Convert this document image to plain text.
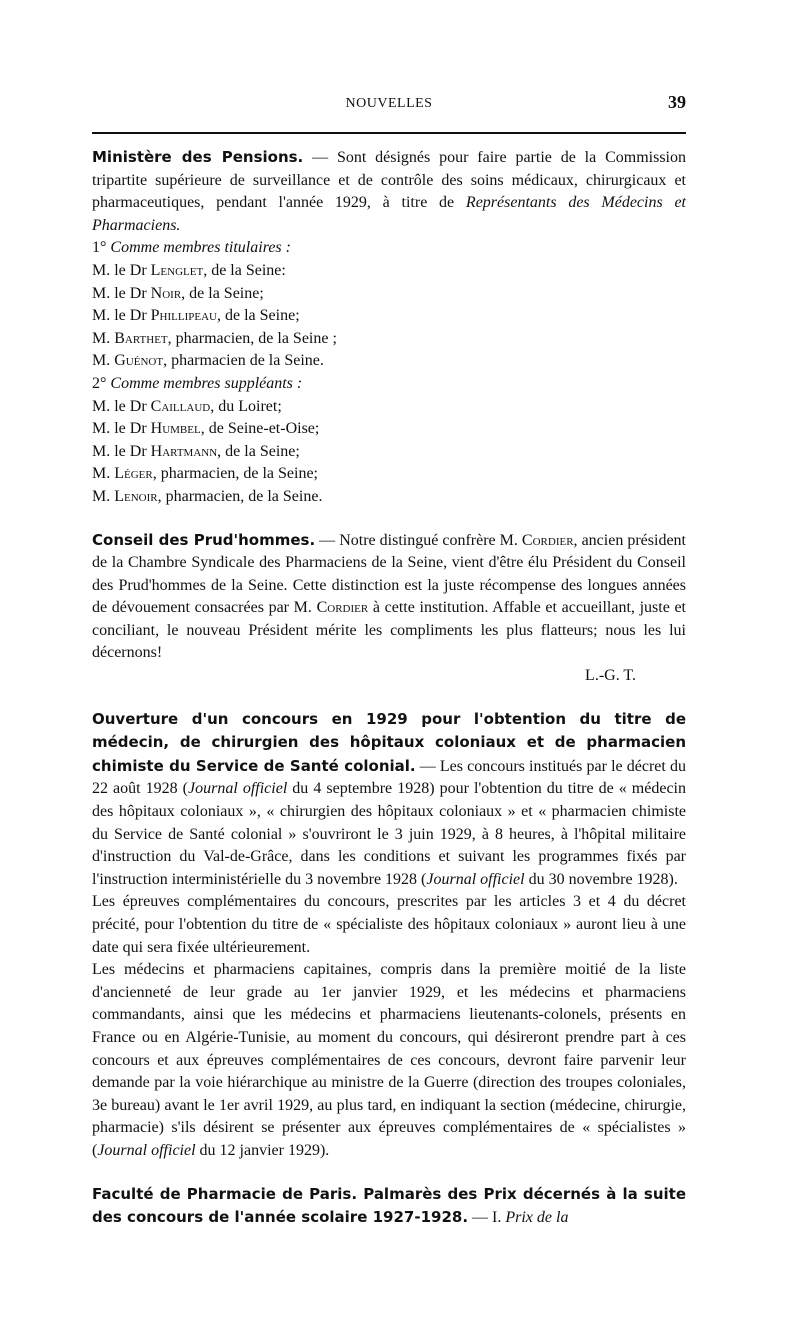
NOUVELLES	39

Ministère des Pensions. — Sont désignés pour faire partie de la Commission tripartite supérieure de surveillance et de contrôle des soins médicaux, chirurgicaux et pharmaceutiques, pendant l'année 1929, à titre de Représentants des Médecins et Pharmaciens.

1° Comme membres titulaires :

M. le Dr Lenglet, de la Seine:

M. le Dr Noir, de la Seine;

M. le Dr Phillipeau, de la Seine;

M. Barthet, pharmacien, de la Seine ;

M. Guénot, pharmacien de la Seine.

2° Comme membres suppléants :

M. le Dr Caillaud, du Loiret;

M. le Dr Humbel, de Seine-et-Oise;

M. le Dr Hartmann, de la Seine;

M. Léger, pharmacien, de la Seine;

M. Lenoir, pharmacien, de la Seine.

Conseil des Prud'hommes. — Notre distingué confrère M. Cordier, ancien président de la Chambre Syndicale des Pharmaciens de la Seine, vient d'être élu Président du Conseil des Prud'hommes de la Seine. Cette distinction est la juste récompense des longues années de dévouement consacrées par M. Cordier à cette institution. Affable et accueillant, juste et conciliant, le nouveau Président mérite les compliments les plus flatteurs; nous les lui décernons!

L.-G. T.

Ouverture d'un concours en 1929 pour l'obtention du titre de médecin, de chirurgien des hôpitaux coloniaux et de pharmacien chimiste du Service de Santé colonial. — Les concours institués par le décret du 22 août 1928 (Journal officiel du 4 septembre 1928) pour l'obtention du titre de « médecin des hôpitaux coloniaux », « chirurgien des hôpitaux coloniaux » et « pharmacien chimiste du Service de Santé colonial » s'ouvriront le 3 juin 1929, à 8 heures, à l'hôpital militaire d'instruction du Val-de-Grâce, dans les conditions et suivant les programmes fixés par l'instruction interministérielle du 3 novembre 1928 (Journal officiel du 30 novembre 1928).

Les épreuves complémentaires du concours, prescrites par les articles 3 et 4 du décret précité, pour l'obtention du titre de « spécialiste des hôpitaux coloniaux » auront lieu à une date qui sera fixée ultérieurement.

Les médecins et pharmaciens capitaines, compris dans la première moitié de la liste d'ancienneté de leur grade au 1er janvier 1929, et les médecins et pharmaciens commandants, ainsi que les médecins et pharmaciens lieutenants-colonels, présents en France ou en Algérie-Tunisie, au moment du concours, qui désireront prendre part à ces concours et aux épreuves complémentaires de ces concours, devront faire parvenir leur demande par la voie hiérarchique au ministre de la Guerre (direction des troupes coloniales, 3e bureau) avant le 1er avril 1929, au plus tard, en indiquant la section (médecine, chirurgie, pharmacie) s'ils désirent se présenter aux épreuves complémentaires de « spécialistes » (Journal officiel du 12 janvier 1929).

Faculté de Pharmacie de Paris. Palmarès des Prix décernés à la suite des concours de l'année scolaire 1927-1928. — I. Prix de la
